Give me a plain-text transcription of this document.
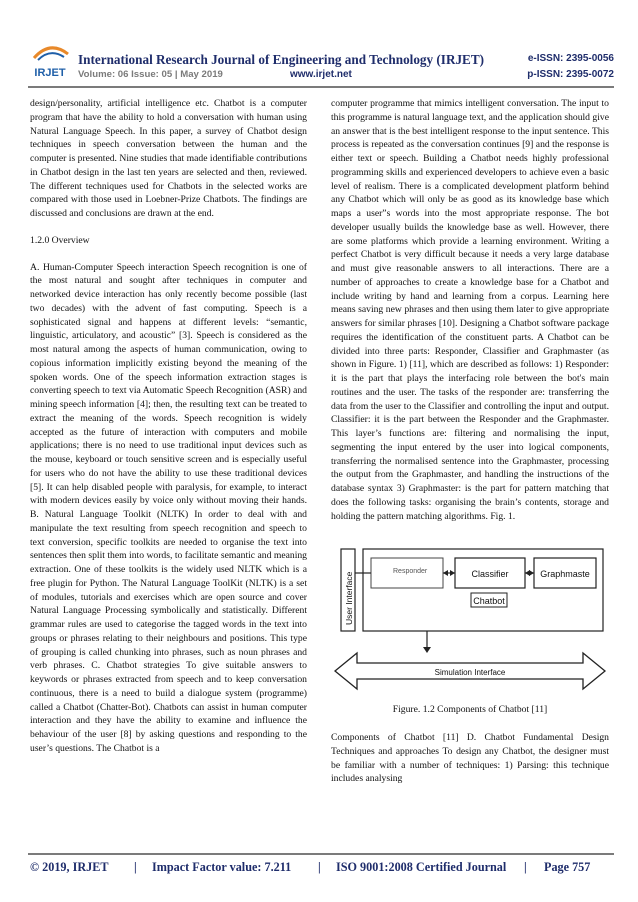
IRJET
International Research Journal of Engineering and Technology (IRJET)	e-ISSN: 2395-0056
Volume: 06 Issue: 05 | May 2019	www.irjet.net	p-ISSN: 2395-0072

design/personality, artificial intelligence etc. Chatbot is a computer program that have the ability to hold a conversation with human using Natural Language Speech. In this paper, a survey of Chatbot design techniques in speech conversation between the human and the computer is presented. Nine studies that made identifiable contributions in Chatbot design in the last ten years are selected and then, reviewed. The different techniques used for Chatbots in the selected works are compared with those used in Loebner-Prize Chatbots. The findings are discussed and conclusions are drawn at the end.

1.2.0 Overview

A. Human-Computer Speech interaction Speech recognition is one of the most natural and sought after techniques in computer and networked device interaction has only recently become possible (last two decades) with the advent of fast computing. Speech is a sophisticated signal and happens at different levels: “semantic, linguistic, articulatory, and acoustic” [3]. Speech is considered as the most natural among the aspects of human communication, owing to copious information implicitly existing beyond the meaning of the spoken words. One of the speech information extraction stages is converting speech to text via Automatic Speech Recognition (ASR) and mining speech information [4]; then, the resulting text can be treated to extract the meaning of the words. Speech recognition is widely accepted as the future of interaction with computers and mobile applications; there is no need to use traditional input devices such as the mouse, keyboard or touch sensitive screen and is especially useful for users who do not have the ability to use these traditional devices [5]. It can help disabled people with paralysis, for example, to interact with modern devices easily by voice only without moving their hands. B. Natural Language Toolkit (NLTK) In order to deal with and manipulate the text resulting from speech recognition and speech to text conversion, specific toolkits are needed to organise the text into sentences then split them into words, to facilitate semantic and meaning extraction. One of these toolkits is the widely used NLTK which is a free plugin for Python. The Natural Language ToolKit (NLTK) is a set of modules, tutorials and exercises which are open source and cover Natural Language Processing symbolically and statistically. Different grammar rules are used to categorise the tagged words in the text into groups or phrases relating to their neighbours and positions. This type of grouping is called chunking into phrases, such as noun phrases and verb phrases. C. Chatbot strategies To give suitable answers to keywords or phrases extracted from speech and to keep conversation continuous, there is a need to build a dialogue system (programme) called a Chatbot (Chatter-Bot). Chatbots can assist in human computer interaction and they have the ability to examine and influence the behaviour of the user [8] by asking questions and responding to the user’s questions. The Chatbot is a

computer programme that mimics intelligent conversation. The input to this programme is natural language text, and the application should give an answer that is the best intelligent response to the input sentence. This process is repeated as the conversation continues [9] and the response is either text or speech. Building a Chatbot needs highly professional programming skills and experienced developers to achieve even a basic level of realism. There is a complicated development platform behind any Chatbot which will only be as good as its knowledge base which maps a user”s words into the most appropriate response. The bot developer usually builds the knowledge base as well. However, there are some platforms which provide a learning environment. Writing a perfect Chatbot is very difficult because it needs a very large database and must give reasonable answers to all interactions. There are a number of approaches to create a knowledge base for a Chatbot and include writing by hand and learning from a corpus. Learning here means saving new phrases and then using them later to give appropriate answers for similar phrases [10]. Designing a Chatbot software package requires the identification of the constituent parts. A Chatbot can be divided into three parts: Responder, Classifier and Graphmaster (as shown in Figure. 1) [11], which are described as follows: 1) Responder: it is the part that plays the interfacing role between the bot's main routines and the user. The tasks of the responder are: transferring the data from the user to the Classifier and controlling the input and output. Classifier: it is the part between the Responder and the Graphmaster. This layer’s functions are: filtering and normalising the input, segmenting the input entered by the user into logical components, transferring the normalised sentence into the Graphmaster, processing the output from the Graphmaster, and handling the instructions of the database syntax 3) Graphmaster: is the part for pattern matching that does the following tasks: organising the brain’s contents, storage and holding the pattern matching algorithms. Fig. 1.

User Interface
Responder	Classifier	Graphmaste
Chatbot
Simulation Interface

Figure. 1.2 Components of Chatbot [11]

Components of Chatbot [11] D. Chatbot Fundamental Design Techniques and approaches To design any Chatbot, the designer must be familiar with a number of techniques: 1) Parsing: this technique includes analysing

© 2019, IRJET | Impact Factor value: 7.211 | ISO 9001:2008 Certified Journal | Page 757
